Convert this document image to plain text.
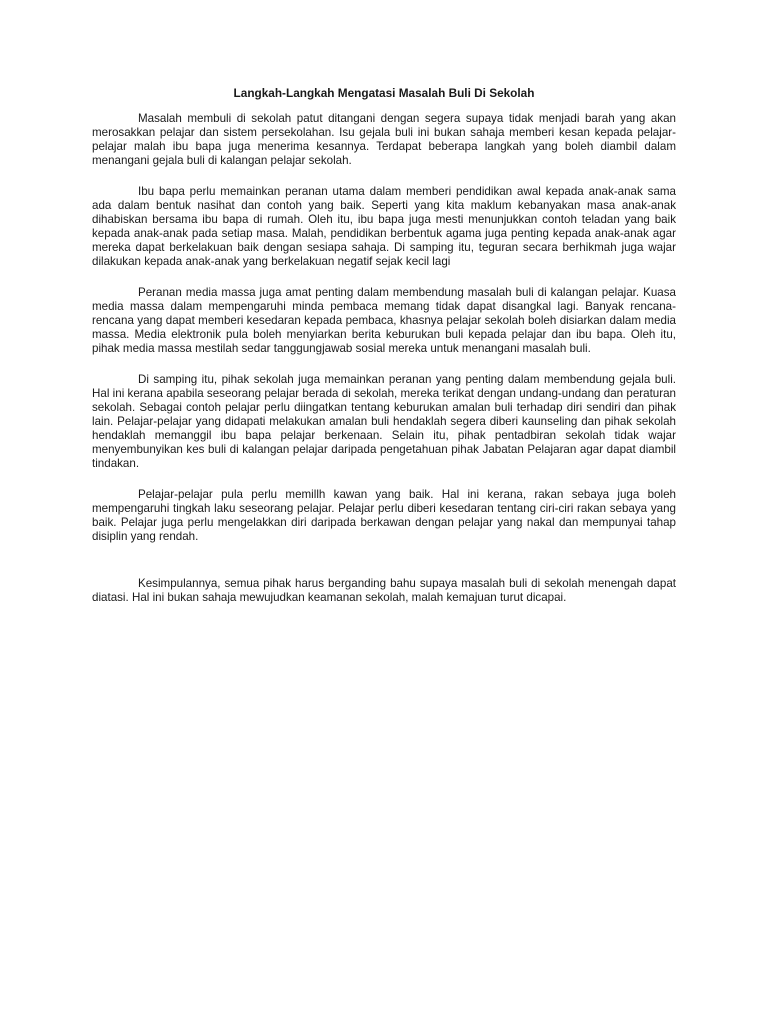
Langkah-Langkah Mengatasi Masalah Buli Di Sekolah

Masalah membuli di sekolah patut ditangani dengan segera supaya tidak menjadi barah yang akan merosakkan pelajar dan sistem persekolahan. Isu gejala buli ini bukan sahaja memberi kesan kepada pelajar-pelajar malah ibu bapa juga menerima kesannya. Terdapat beberapa langkah yang boleh diambil dalam menangani gejala buli di kalangan pelajar sekolah.

Ibu bapa perlu memainkan peranan utama dalam memberi pendidikan awal kepada anak-anak sama ada dalam bentuk nasihat dan contoh yang baik. Seperti yang kita maklum kebanyakan masa anak-anak dihabiskan bersama ibu bapa di rumah. Oleh itu, ibu bapa juga mesti menunjukkan contoh teladan yang baik kepada anak-anak pada setiap masa. Malah, pendidikan berbentuk agama juga penting kepada anak-anak agar mereka dapat berkelakuan baik dengan sesiapa sahaja. Di samping itu, teguran secara berhikmah juga wajar dilakukan kepada anak-anak yang berkelakuan negatif sejak kecil lagi

Peranan media massa juga amat penting dalam membendung masalah buli di kalangan pelajar. Kuasa media massa dalam mempengaruhi minda pembaca memang tidak dapat disangkal lagi. Banyak rencana-rencana yang dapat memberi kesedaran kepada pembaca, khasnya pelajar sekolah boleh disiarkan dalam media massa. Media elektronik pula boleh menyiarkan berita keburukan buli kepada pelajar dan ibu bapa. Oleh itu, pihak media massa mestilah sedar tanggungjawab sosial mereka untuk menangani masalah buli.

Di samping itu, pihak sekolah juga memainkan peranan yang penting dalam membendung gejala buli. Hal ini kerana apabila seseorang pelajar berada di sekolah, mereka terikat dengan undang-undang dan peraturan sekolah. Sebagai contoh pelajar perlu diingatkan tentang keburukan amalan buli terhadap diri sendiri dan pihak lain. Pelajar-pelajar yang didapati melakukan amalan buli hendaklah segera diberi kaunseling dan pihak sekolah hendaklah memanggil ibu bapa pelajar berkenaan. Selain itu, pihak pentadbiran sekolah tidak wajar menyembunyikan kes buli di kalangan pelajar daripada pengetahuan pihak Jabatan Pelajaran agar dapat diambil tindakan.

Pelajar-pelajar pula perlu memillh kawan yang baik. Hal ini kerana, rakan sebaya juga boleh mempengaruhi tingkah laku seseorang pelajar. Pelajar perlu diberi kesedaran tentang ciri-ciri rakan sebaya yang baik. Pelajar juga perlu mengelakkan diri daripada berkawan dengan pelajar yang nakal dan mempunyai tahap disiplin yang rendah.

Kesimpulannya, semua pihak harus berganding bahu supaya masalah buli di sekolah menengah dapat diatasi. Hal ini bukan sahaja mewujudkan keamanan sekolah, malah kemajuan turut dicapai.
